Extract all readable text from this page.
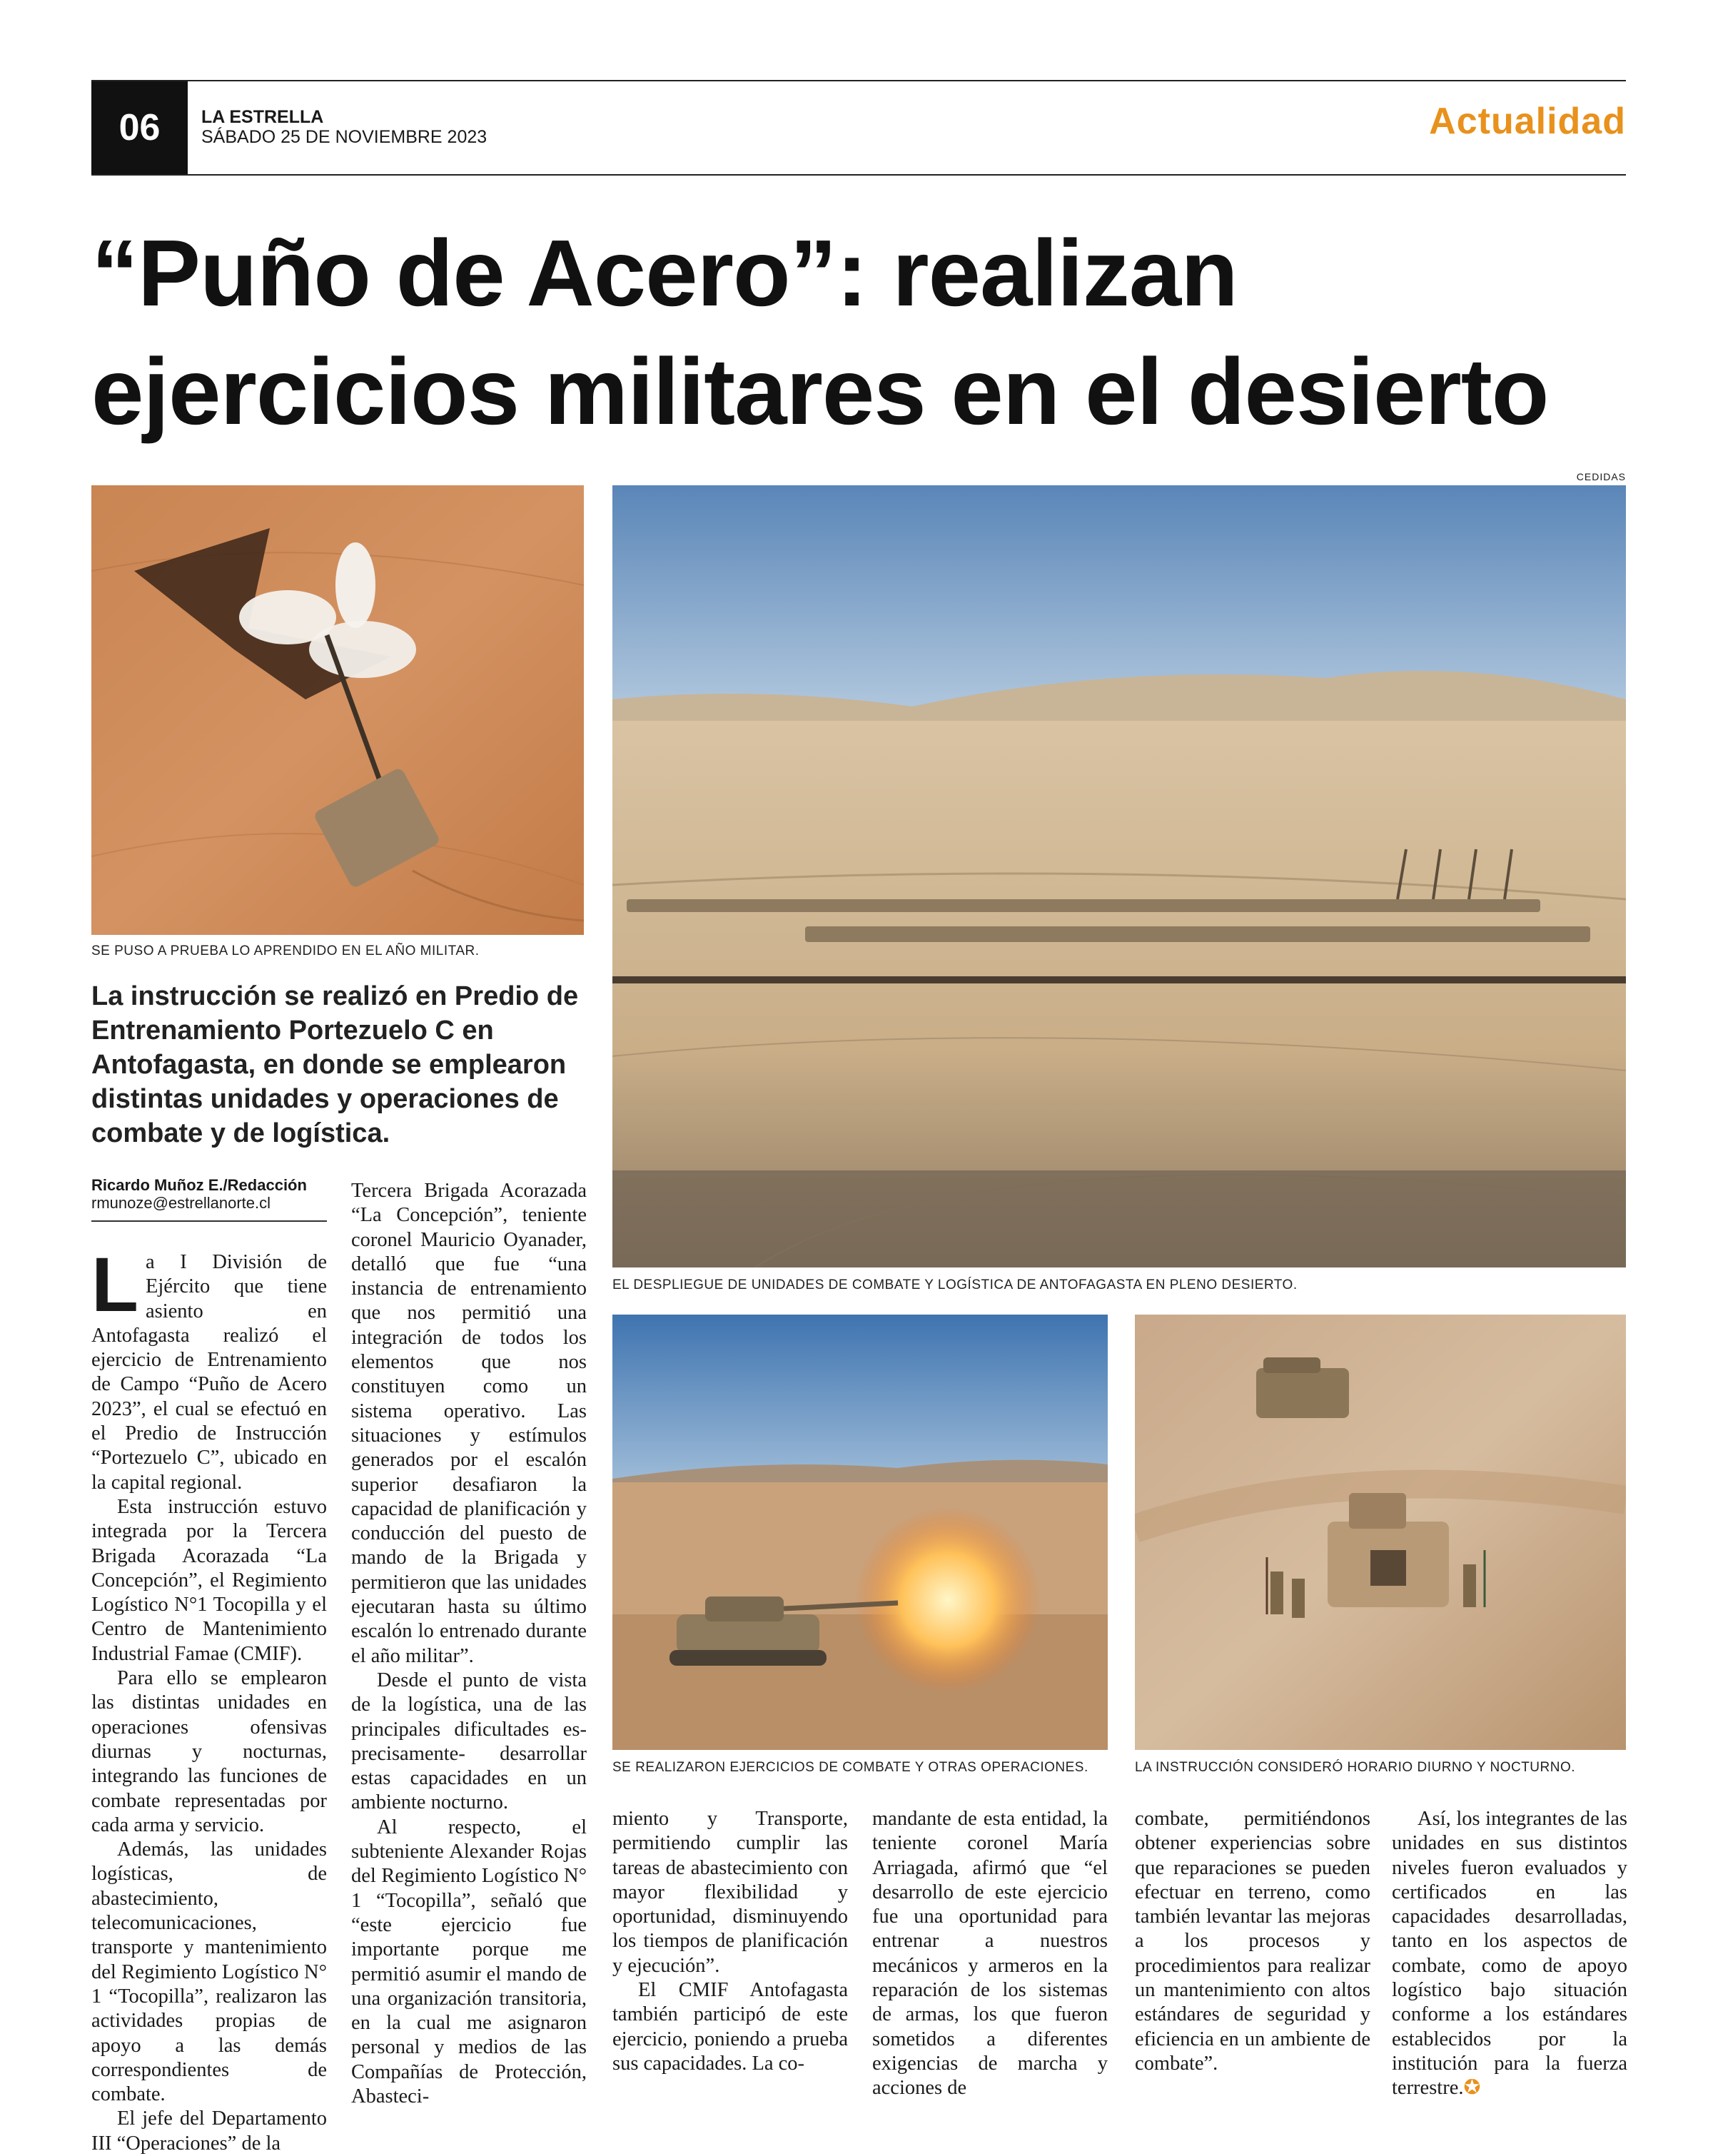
06	LA ESTRELLA
SÁBADO 25 DE NOVIEMBRE 2023	Actualidad
“Puño de Acero”: realizan
ejercicios militares en el desierto
CEDIDAS
SE PUSO A PRUEBA LO APRENDIDO EN EL AÑO MILITAR.
EL DESPLIEGUE DE UNIDADES DE COMBATE Y LOGÍSTICA DE ANTOFAGASTA EN PLENO DESIERTO.
SE REALIZARON EJERCICIOS DE COMBATE Y OTRAS OPERACIONES.	LA INSTRUCCIÓN CONSIDERÓ HORARIO DIURNO Y NOCTURNO.
La instrucción se realizó en Predio de Entrenamiento Portezuelo C en Antofagasta, en donde se emplearon distintas unidades y operaciones de combate y de logística.
Ricardo Muñoz E./Redacción
rmunoze@estrellanorte.cl

La I División de Ejército que tiene asiento en Antofagasta realizó el ejercicio de Entrenamiento de Campo “Puño de Acero 2023”, el cual se efectuó en el Predio de Instrucción “Portezuelo C”, ubicado en la capital regional.

Esta instrucción estuvo integrada por la Tercera Brigada Acorazada “La Concepción”, el Regimiento Logístico N°1 Tocopilla y el Centro de Mantenimiento Industrial Famae (CMIF).

Para ello se emplearon las distintas unidades en operaciones ofensivas diurnas y nocturnas, integrando las funciones de combate representadas por cada arma y servicio.

Además, las unidades logísticas, de abastecimiento, telecomunicaciones, transporte y mantenimiento del Regimiento Logístico N° 1 “Tocopilla”, realizaron las actividades propias de apoyo a las demás correspondientes de combate.

El jefe del Departamento III “Operaciones” de la

Tercera Brigada Acorazada “La Concepción”, teniente coronel Mauricio Oyanader, detalló que fue “una instancia de entrenamiento que nos permitió una integración de todos los elementos que nos constituyen como un sistema operativo. Las situaciones y estímulos generados por el escalón superior desafiaron la capacidad de planificación y conducción del puesto de mando de la Brigada y permitieron que las unidades ejecutaran hasta su último escalón lo entrenado durante el año militar”.

Desde el punto de vista de la logística, una de las principales dificultades es- precisamente- desarrollar estas capacidades en un ambiente nocturno.

Al respecto, el subteniente Alexander Rojas del Regimiento Logístico N° 1 “Tocopilla”, señaló que “este ejercicio fue importante porque me permitió asumir el mando de una organización transitoria, en la cual me asignaron personal y medios de las Compañías de Protección, Abasteci-

miento y Transporte, permitiendo cumplir las tareas de abastecimiento con mayor flexibilidad y oportunidad, disminuyendo los tiempos de planificación y ejecución”.

El CMIF Antofagasta también participó de este ejercicio, poniendo a prueba sus capacidades. La co-

mandante de esta entidad, la teniente coronel María Arriagada, afirmó que “el desarrollo de este ejercicio fue una oportunidad para entrenar a nuestros mecánicos y armeros en la reparación de los sistemas de armas, los que fueron sometidos a diferentes exigencias de marcha y acciones de

combate, permitiéndonos obtener experiencias sobre que reparaciones se pueden efectuar en terreno, como también levantar las mejoras a los procesos y procedimientos para realizar un mantenimiento con altos estándares de seguridad y eficiencia en un ambiente de combate”.

Así, los integrantes de las unidades en sus distintos niveles fueron evaluados y certificados en las capacidades desarrolladas, tanto en los aspectos de combate, como de apoyo logístico bajo situación conforme a los estándares establecidos por la institución para la fuerza terrestre.✪
